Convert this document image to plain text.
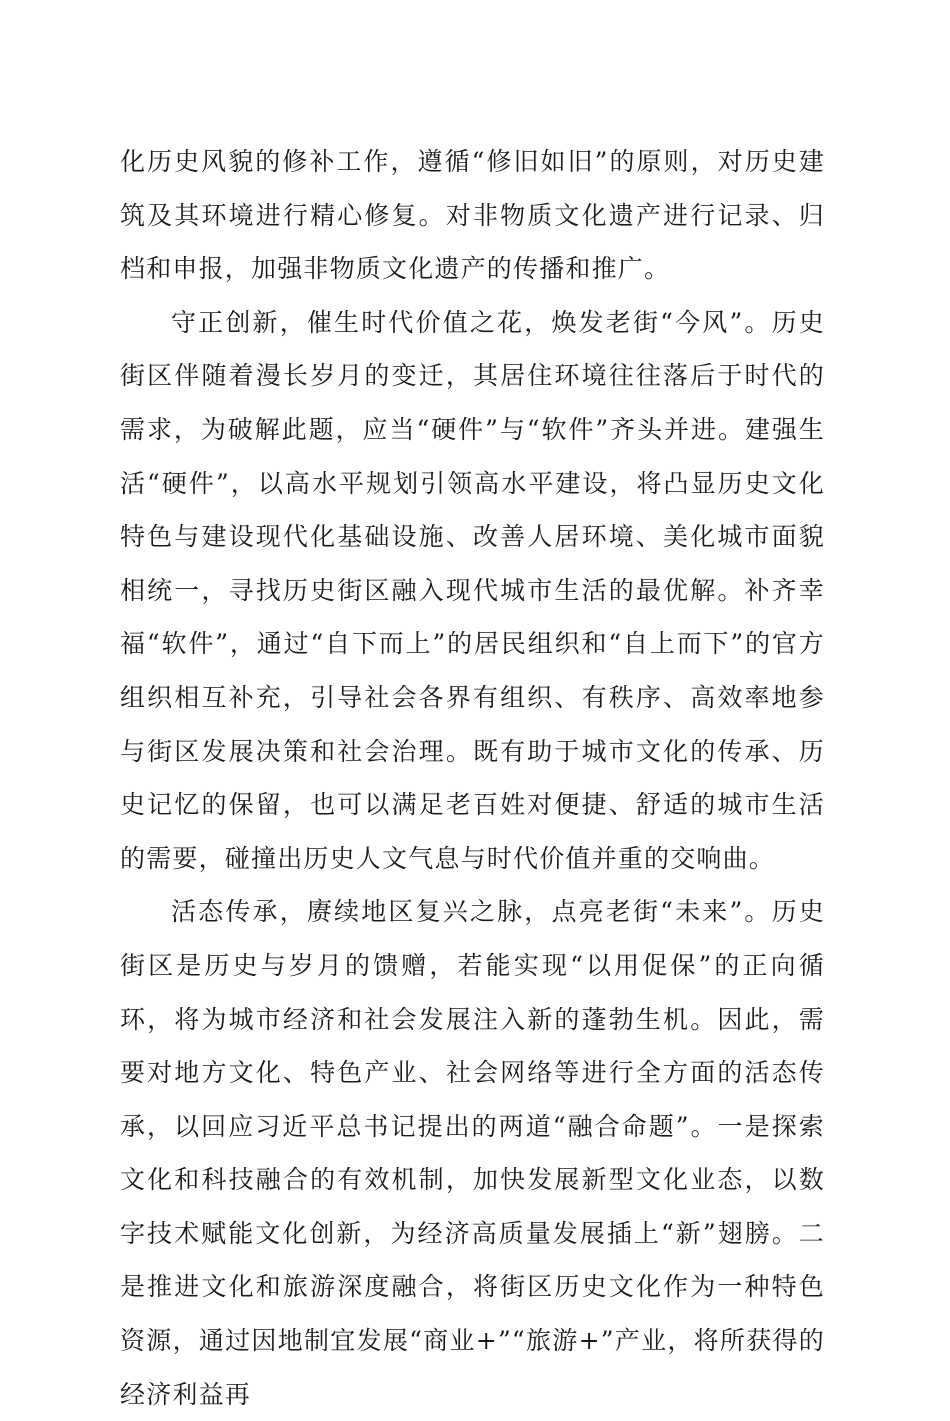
化历史风貌的修补工作，遵循“修旧如旧”的原则，对历史建筑及其环境进行精心修复。对非物质文化遗产进行记录、归档和申报，加强非物质文化遗产的传播和推广。

守正创新，催生时代价值之花，焕发老街“今风”。历史街区伴随着漫长岁月的变迁，其居住环境往往落后于时代的需求，为破解此题，应当“硬件”与“软件”齐头并进。建强生活“硬件”，以高水平规划引领高水平建设，将凸显历史文化特色与建设现代化基础设施、改善人居环境、美化城市面貌相统一，寻找历史街区融入现代城市生活的最优解。补齐幸福“软件”，通过“自下而上”的居民组织和“自上而下”的官方组织相互补充，引导社会各界有组织、有秩序、高效率地参与街区发展决策和社会治理。既有助于城市文化的传承、历史记忆的保留，也可以满足老百姓对便捷、舒适的城市生活的需要，碰撞出历史人文气息与时代价值并重的交响曲。

活态传承，赓续地区复兴之脉，点亮老街“未来”。历史街区是历史与岁月的馈赠，若能实现“以用促保”的正向循环，将为城市经济和社会发展注入新的蓬勃生机。因此，需要对地方文化、特色产业、社会网络等进行全方面的活态传承，以回应习近平总书记提出的两道“融合命题”。一是探索文化和科技融合的有效机制，加快发展新型文化业态，以数字技术赋能文化创新，为经济高质量发展插上“新”翅膀。二是推进文化和旅游深度融合，将街区历史文化作为一种特色资源，通过因地制宜发展“商业+”“旅游+”产业，将所获得的经济利益再
